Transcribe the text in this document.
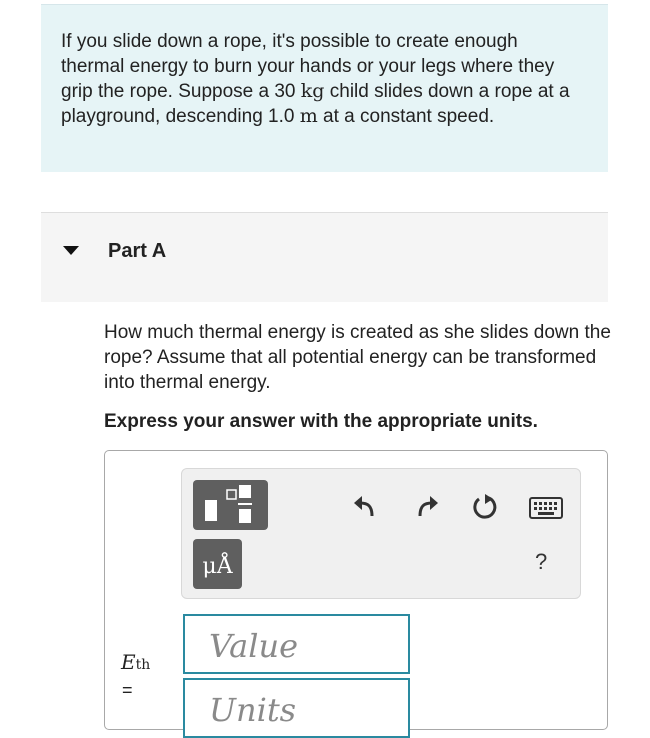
If you slide down a rope, it's possible to create enough thermal energy to burn your hands or your legs where they grip the rope. Suppose a 30 kg child slides down a rope at a playground, descending 1.0 m at a constant speed.
Part A
How much thermal energy is created as she slides down the rope? Assume that all potential energy can be transformed into thermal energy.
Express your answer with the appropriate units.
μÅ	?
Eth
=
Value
Units
